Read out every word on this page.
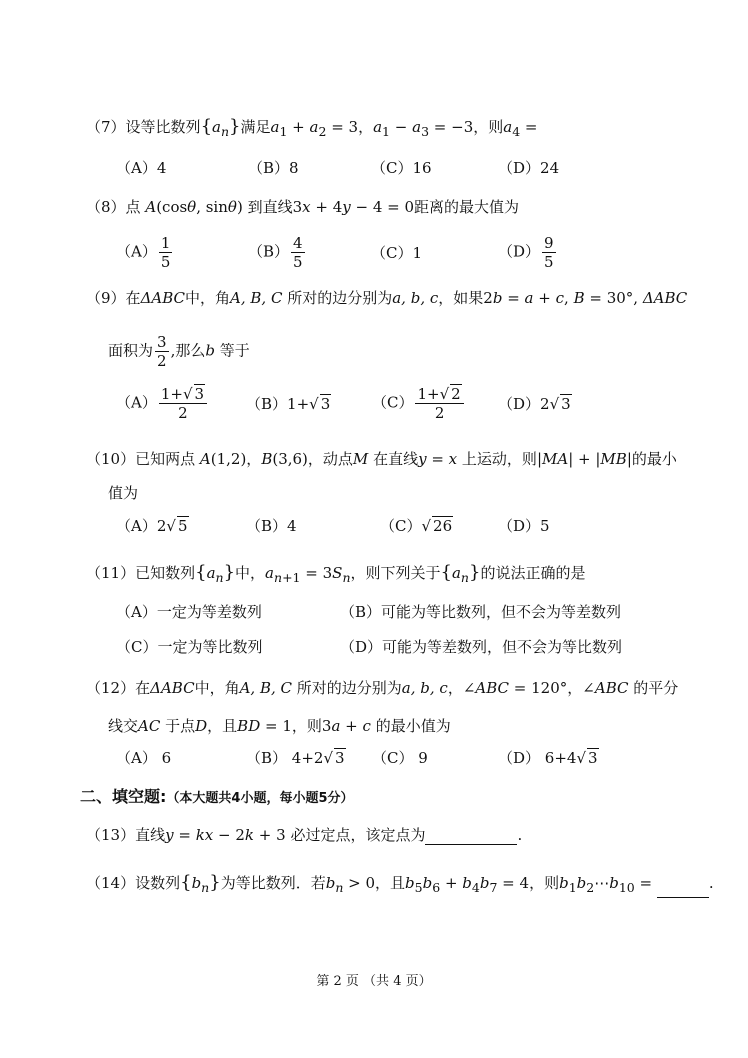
（7）设等比数列$\{a_n\}$满足$a_1 + a_2 = 3$，$a_1 - a_3 = -3$，则$a_4$ =
（A）4	（B）8	（C）16	（D）24
（8）点 A(cosθ, sinθ) 到直线3x + 4y − 4 = 0距离的最大值为
$(A) \frac{1}{5}$	$(B) \frac{4}{5}$	（C）1	$(D) \frac{9}{5}$
（9）在ΔABC中，角A, B, C 所对的边分别为a, b, c，如果2b = a + c, B = 30°, ΔABC
面积为 $\frac{3}{2}$ ,那么b 等于
$(A) \frac{1+√ 3}{2}$	（B）1+√ 3	$(C) \frac{1+√ 2}{2} (D)2√$ 3
（10）已知两点 A(1,2)，B(3,6)，动点M 在直线y = x 上运动，则|MA| + |MB|的最小
值为
（A）2√ 5	（B）4	（C）√ 26	（D）5
（11）已知数列$\{a_n\}$中，$a_{n+1} = 3S_n$，则下列关于$\{a_n\}$的说法正确的是
（A）一定为等差数列	（B）可能为等比数列，但不会为等差数列
（C）一定为等比数列	（D）可能为等差数列，但不会为等比数列
（12）在ΔABC中，角A, B, C 所对的边分别为a, b, c，∠ABC = 120°，∠ABC 的平分
线交AC 于点D，且BD = 1，则3a + c 的最小值为
（A） 6	（B） 4+2√ 3 （C） 9	（D） 6+4√ 3
二、填空题:（本大题共4小题，每小题5分）
（13）直线y = kx − 2k + 3 必过定点，该定点为	.
（14）设数列$\{b_n\}$为等比数列．若$b_n > 0$，且$b_5b_6 + b_4b_7 = 4$，则$b_1b_2\cdots b_{10}$ =	.
第 2 页 （共 4 页）
